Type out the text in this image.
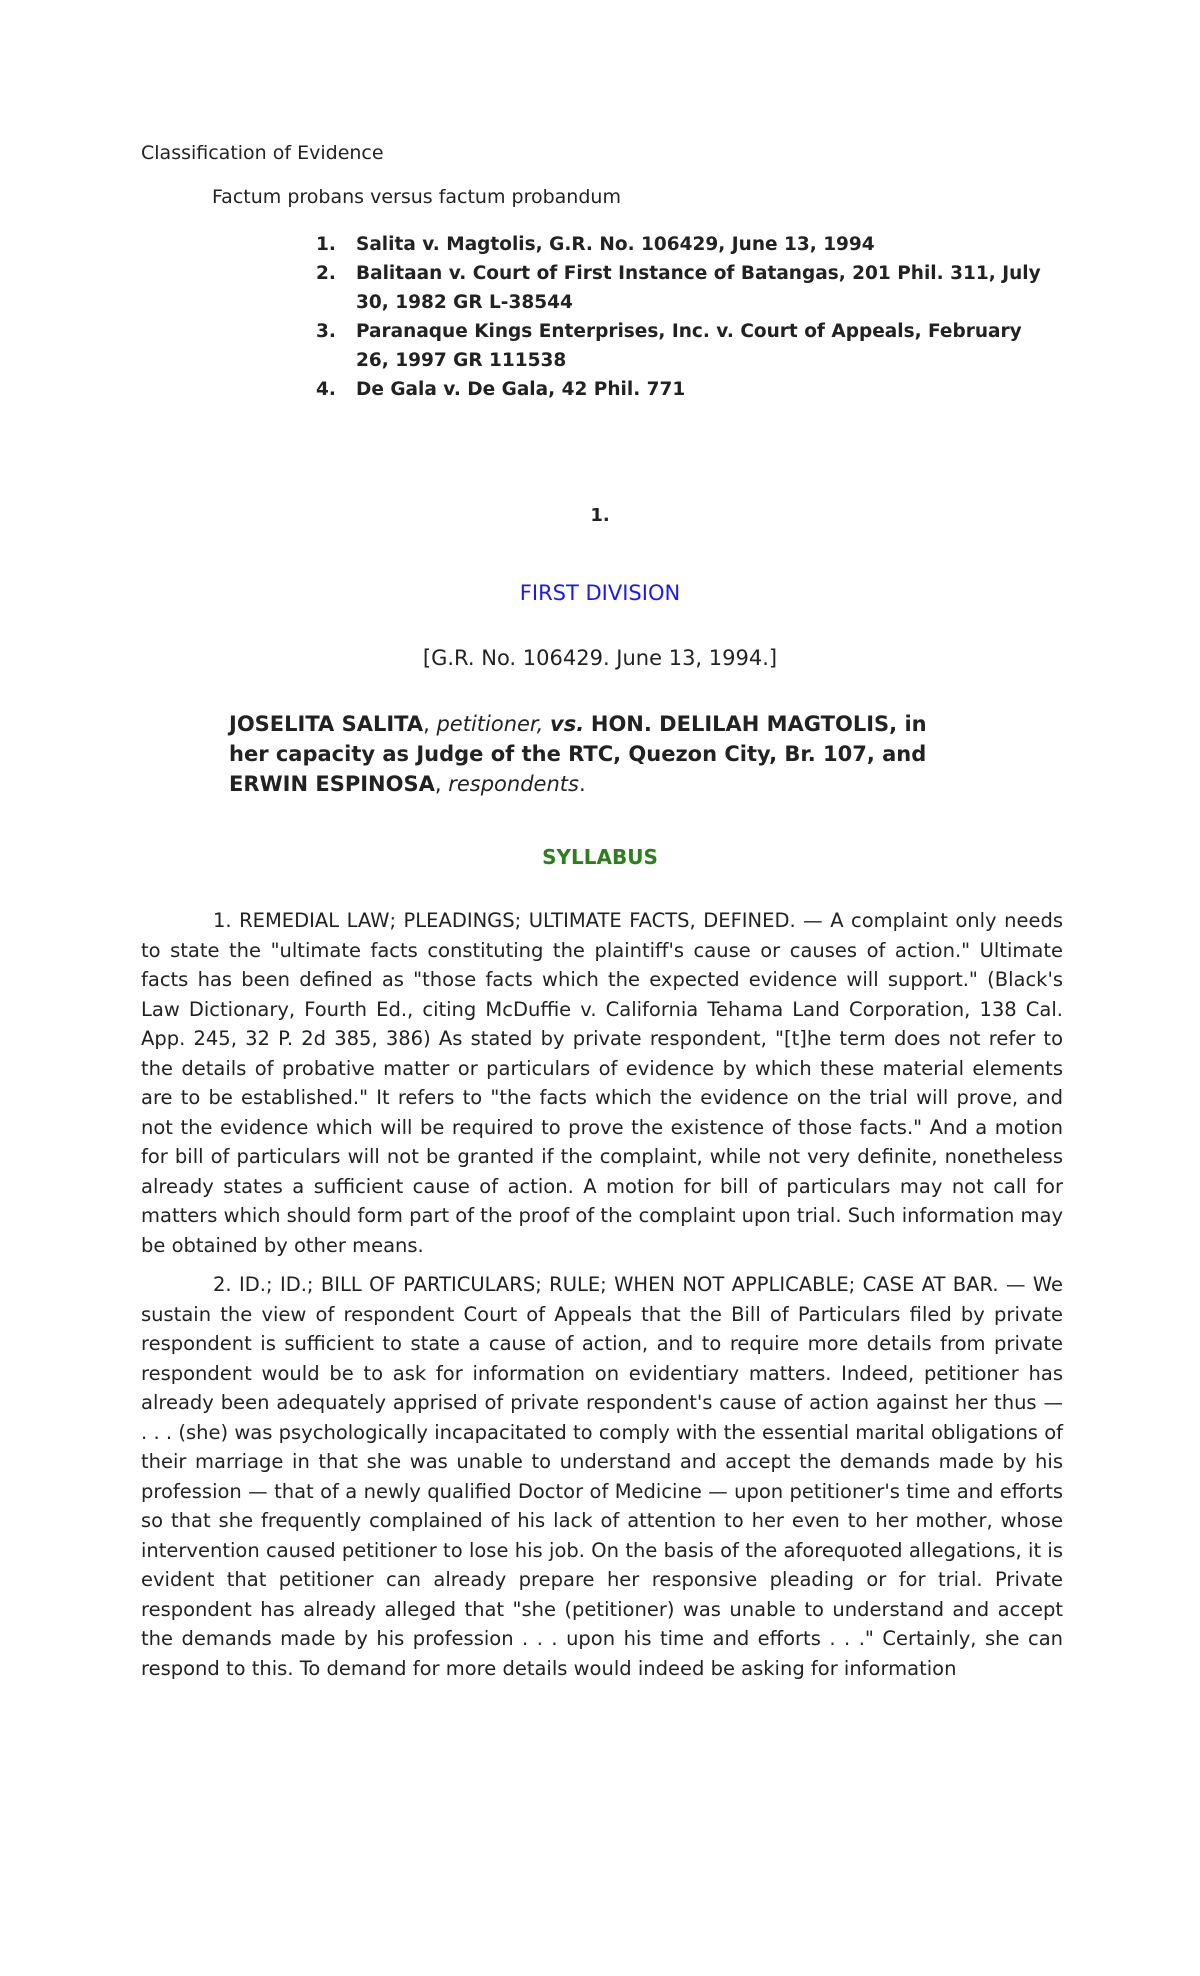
Classification of Evidence
Factum probans versus factum probandum
1. Salita v. Magtolis, G.R. No. 106429, June 13, 1994
2. Balitaan v. Court of First Instance of Batangas, 201 Phil. 311, July 30, 1982 GR L-38544
3. Paranaque Kings Enterprises, Inc. v. Court of Appeals, February 26, 1997 GR 111538
4. De Gala v. De Gala, 42 Phil. 771
1.
FIRST DIVISION
[G.R. No. 106429. June 13, 1994.]
JOSELITA SALITA, petitioner, vs. HON. DELILAH MAGTOLIS, in her capacity as Judge of the RTC, Quezon City, Br. 107, and ERWIN ESPINOSA, respondents.
SYLLABUS

1. REMEDIAL LAW; PLEADINGS; ULTIMATE FACTS, DEFINED. — A complaint only needs to state the "ultimate facts constituting the plaintiff's cause or causes of action." Ultimate facts has been defined as "those facts which the expected evidence will support." (Black's Law Dictionary, Fourth Ed., citing McDuffie v. California Tehama Land Corporation, 138 Cal. App. 245, 32 P. 2d 385, 386) As stated by private respondent, "[t]he term does not refer to the details of probative matter or particulars of evidence by which these material elements are to be established." It refers to "the facts which the evidence on the trial will prove, and not the evidence which will be required to prove the existence of those facts." And a motion for bill of particulars will not be granted if the complaint, while not very definite, nonetheless already states a sufficient cause of action. A motion for bill of particulars may not call for matters which should form part of the proof of the complaint upon trial. Such information may be obtained by other means.

2. ID.; ID.; BILL OF PARTICULARS; RULE; WHEN NOT APPLICABLE; CASE AT BAR. — We sustain the view of respondent Court of Appeals that the Bill of Particulars filed by private respondent is sufficient to state a cause of action, and to require more details from private respondent would be to ask for information on evidentiary matters. Indeed, petitioner has already been adequately apprised of private respondent's cause of action against her thus — . . . (she) was psychologically incapacitated to comply with the essential marital obligations of their marriage in that she was unable to understand and accept the demands made by his profession — that of a newly qualified Doctor of Medicine — upon petitioner's time and efforts so that she frequently complained of his lack of attention to her even to her mother, whose intervention caused petitioner to lose his job. On the basis of the aforequoted allegations, it is evident that petitioner can already prepare her responsive pleading or for trial. Private respondent has already alleged that "she (petitioner) was unable to understand and accept the demands made by his profession . . . upon his time and efforts . . ." Certainly, she can respond to this. To demand for more details would indeed be asking for information
